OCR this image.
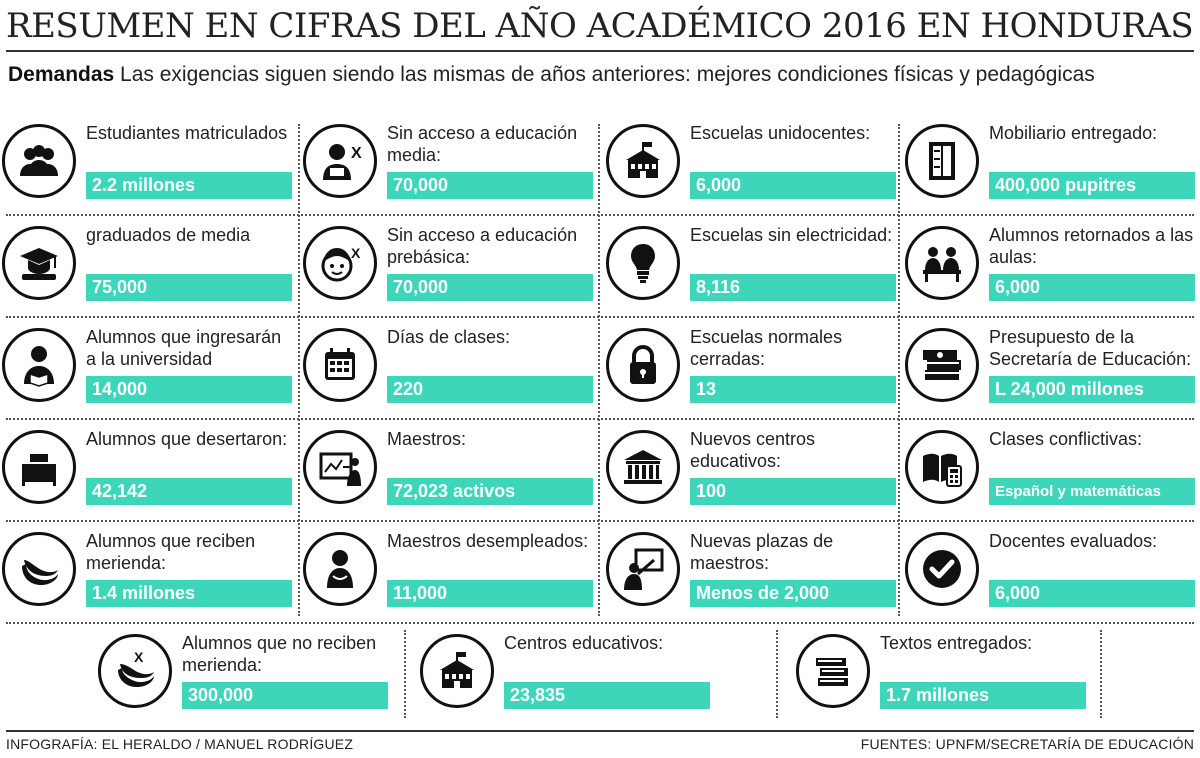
RESUMEN EN CIFRAS DEL AÑO ACADÉMICO 2016 EN HONDURAS
Demandas Las exigencias siguen siendo las mismas de años anteriores: mejores condiciones físicas y pedagógicas
Estudiantes matriculados
2.2 millones
X
Sin acceso a educación media:
70,000
Escuelas unidocentes:
6,000
Mobiliario entregado:
400,000 pupitres
graduados de media
75,000
X
Sin acceso a educación prebásica:
70,000
Escuelas sin electricidad:
8,116
Alumnos retornados a las aulas:
6,000
Alumnos que ingresarán a la universidad
14,000
Días de clases:
220
Escuelas normales cerradas:
13
Presupuesto de la Secretaría de Educación:
L 24,000 millones
Alumnos que desertaron:
42,142
Maestros:
72,023 activos
Nuevos centros educativos:
100
Clases conflictivas:
Español y matemáticas
Alumnos que reciben merienda:
1.4 millones
Maestros desempleados:
11,000
Nuevas plazas de maestros:
Menos de 2,000
Docentes evaluados:
6,000
X
Alumnos que no reciben merienda:
300,000
Centros educativos:
23,835
Textos entregados:
1.7 millones
INFOGRAFÍA: EL HERALDO / MANUEL RODRÍGUEZ	FUENTES: UPNFM/SECRETARÍA DE EDUCACIÓN
